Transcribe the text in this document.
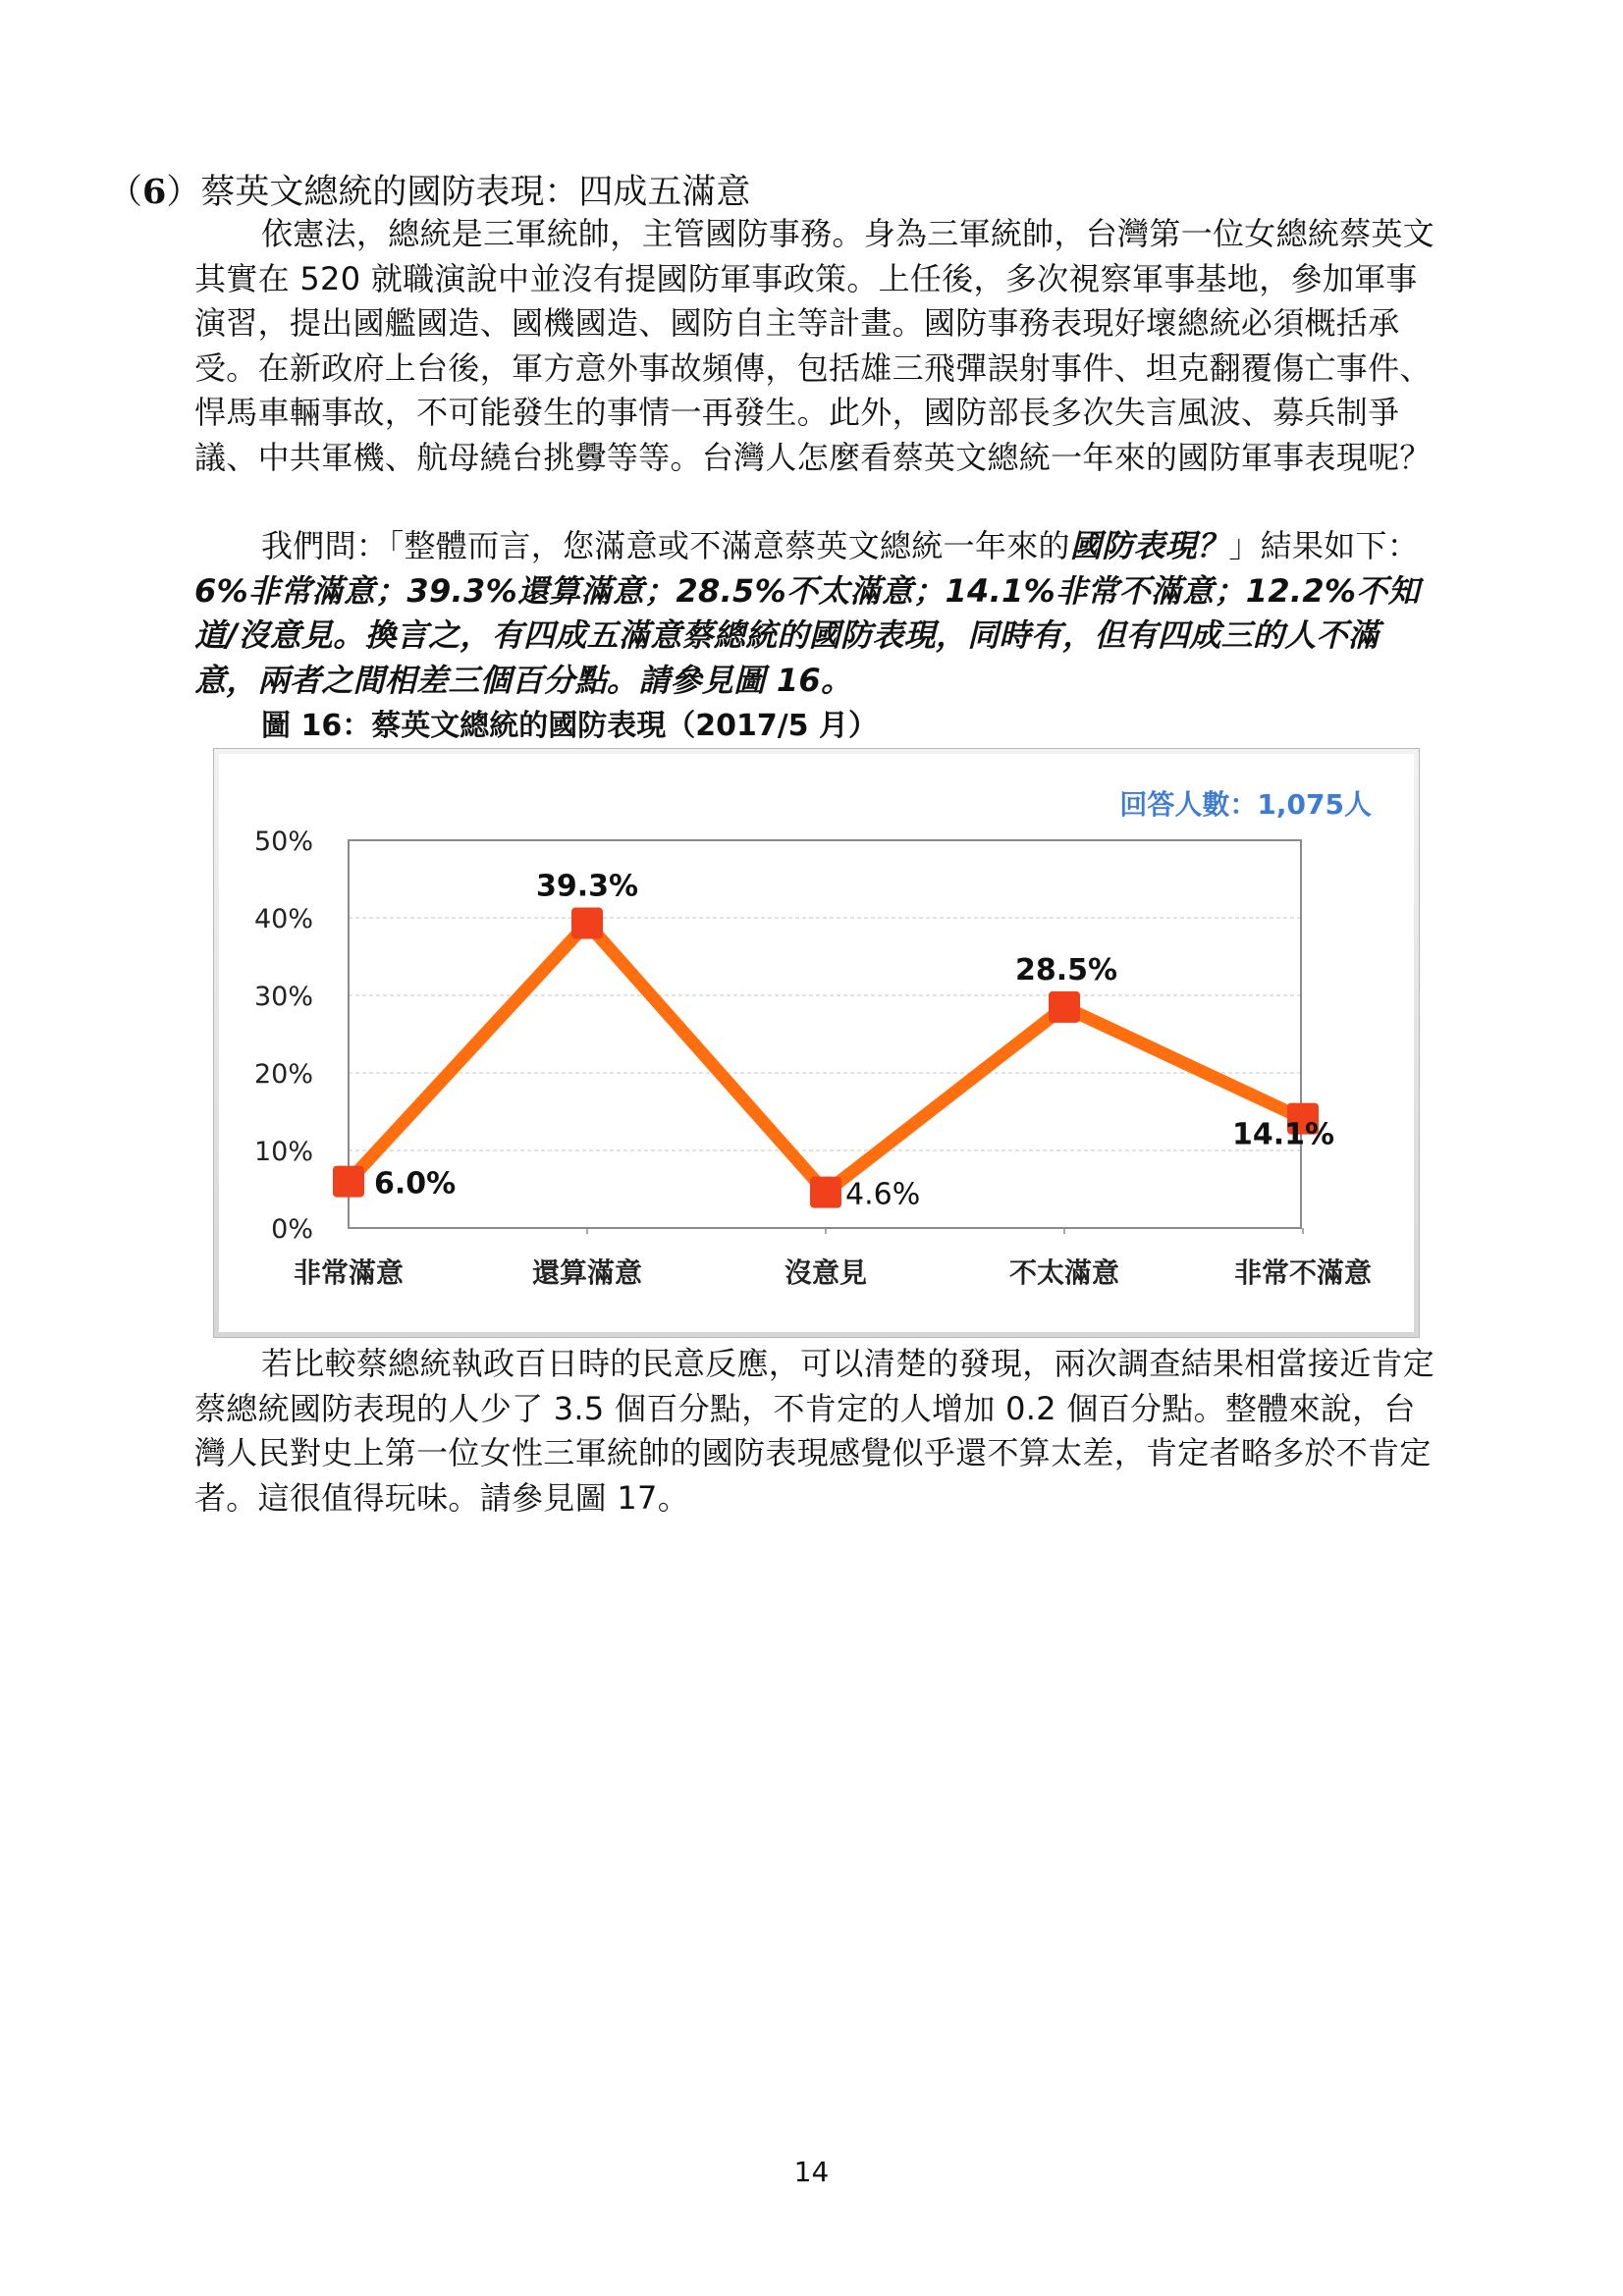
（6）蔡英文總統的國防表現：四成五滿意

依憲法，總統是三軍統帥，主管國防事務。身為三軍統帥，台灣第一位女總統蔡英文其實在 520 就職演說中並沒有提國防軍事政策。上任後，多次視察軍事基地，參加軍事演習，提出國艦國造、國機國造、國防自主等計畫。國防事務表現好壞總統必須概括承受。在新政府上台後，軍方意外事故頻傳，包括雄三飛彈誤射事件、坦克翻覆傷亡事件、悍馬車輛事故，不可能發生的事情一再發生。此外，國防部長多次失言風波、募兵制爭議、中共軍機、航母繞台挑釁等等。台灣人怎麼看蔡英文總統一年來的國防軍事表現呢？

我們問：「整體而言，您滿意或不滿意蔡英文總統一年來的國防表現？」結果如下：6%非常滿意；39.3%還算滿意；28.5%不太滿意；14.1%非常不滿意；12.2%不知道/沒意見。換言之，有四成五滿意蔡總統的國防表現，同時有，但有四成三的人不滿意，兩者之間相差三個百分點。請參見圖 16。

圖 16：蔡英文總統的國防表現（2017/5 月）
0%
10%
20%
30%
40%
50%
非常滿意	還算滿意	沒意見	不太滿意	非常不滿意
6.0%
39.3%
4.6%
28.5%
14.1%
回答人數：1,075人

若比較蔡總統執政百日時的民意反應，可以清楚的發現，兩次調查結果相當接近肯定蔡總統國防表現的人少了 3.5 個百分點，不肯定的人增加 0.2 個百分點。整體來說，台灣人民對史上第一位女性三軍統帥的國防表現感覺似乎還不算太差，肯定者略多於不肯定者。這很值得玩味。請參見圖 17。

14
